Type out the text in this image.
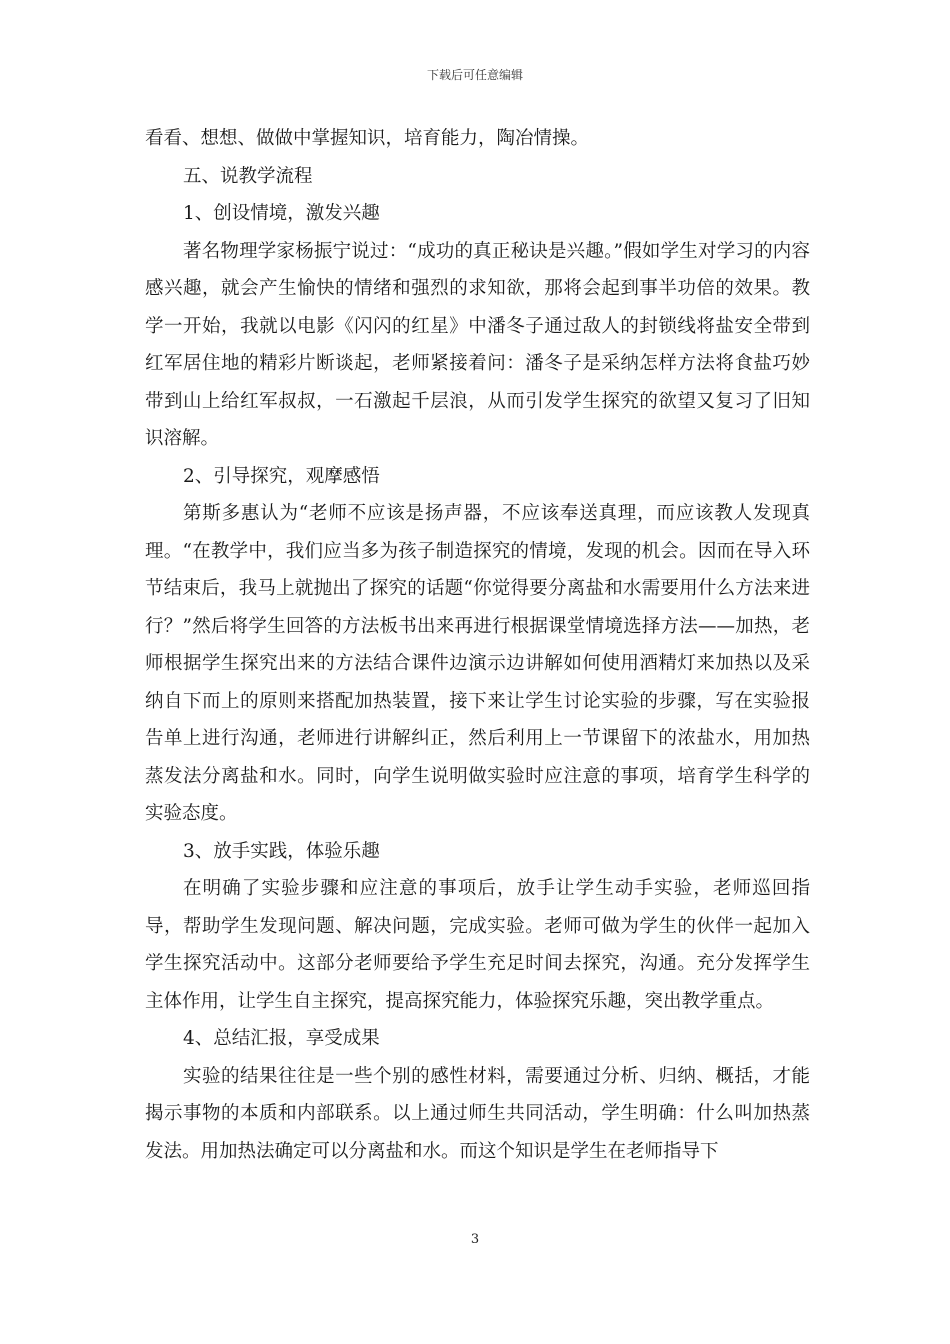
下载后可任意编辑

看看、想想、做做中掌握知识，培育能力，陶冶情操。

五、说教学流程

1、创设情境，激发兴趣

著名物理学家杨振宁说过：“成功的真正秘诀是兴趣。”假如学生对学习的内容感兴趣，就会产生愉快的情绪和强烈的求知欲，那将会起到事半功倍的效果。教学一开始，我就以电影《闪闪的红星》中潘冬子通过敌人的封锁线将盐安全带到红军居住地的精彩片断谈起，老师紧接着问：潘冬子是采纳怎样方法将食盐巧妙带到山上给红军叔叔，一石激起千层浪，从而引发学生探究的欲望又复习了旧知识溶解。

2、引导探究，观摩感悟

第斯多惠认为“老师不应该是扬声器，不应该奉送真理，而应该教人发现真理。“在教学中，我们应当多为孩子制造探究的情境，发现的机会。因而在导入环节结束后，我马上就抛出了探究的话题“你觉得要分离盐和水需要用什么方法来进行？”然后将学生回答的方法板书出来再进行根据课堂情境选择方法——加热，老师根据学生探究出来的方法结合课件边演示边讲解如何使用酒精灯来加热以及采纳自下而上的原则来搭配加热装置，接下来让学生讨论实验的步骤，写在实验报告单上进行沟通，老师进行讲解纠正，然后利用上一节课留下的浓盐水，用加热蒸发法分离盐和水。同时，向学生说明做实验时应注意的事项，培育学生科学的实验态度。

3、放手实践，体验乐趣

在明确了实验步骤和应注意的事项后，放手让学生动手实验，老师巡回指导，帮助学生发现问题、解决问题，完成实验。老师可做为学生的伙伴一起加入学生探究活动中。这部分老师要给予学生充足时间去探究，沟通。充分发挥学生主体作用，让学生自主探究，提高探究能力，体验探究乐趣，突出教学重点。

4、总结汇报，享受成果

实验的结果往往是一些个别的感性材料，需要通过分析、归纳、概括，才能揭示事物的本质和内部联系。以上通过师生共同活动，学生明确：什么叫加热蒸发法。用加热法确定可以分离盐和水。而这个知识是学生在老师指导下

3
